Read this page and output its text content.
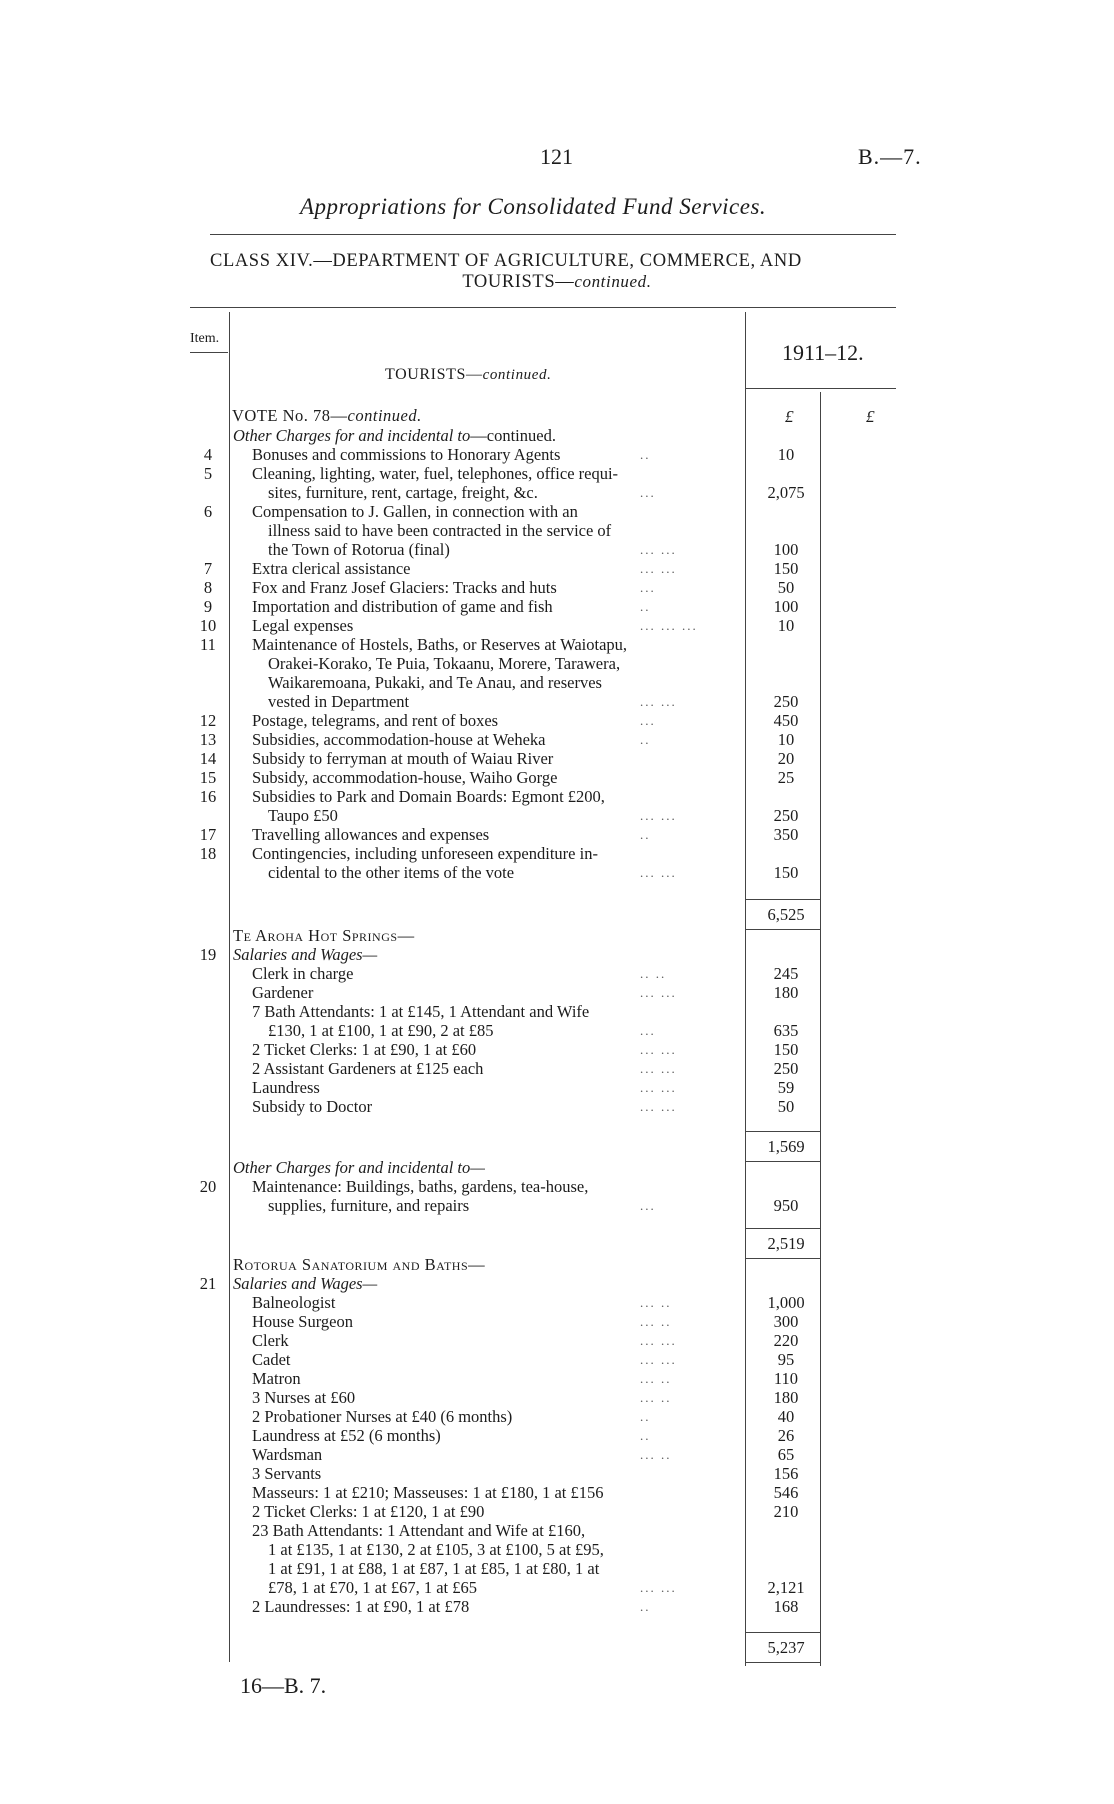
121	B.—7.
Appropriations for Consolidated Fund Services.
CLASS XIV.—DEPARTMENT OF AGRICULTURE, COMMERCE, AND
TOURISTS—continued.
Item.
1911–12.
TOURISTS—continued.
£	£
VOTE No. 78—continued.
Other Charges for and incidental to—continued.
4	Bonuses and commissions to Honorary Agents	..	10
5	Cleaning, lighting, water, fuel, telephones, office requi-
sites, furniture, rent, cartage, freight, &c.	...	2,075
6	Compensation to J. Gallen, in connection with an
illness said to have been contracted in the service of
the Town of Rotorua (final)	... ...	100
7	Extra clerical assistance	... ...	150
8	Fox and Franz Josef Glaciers: Tracks and huts	...	50
9	Importation and distribution of game and fish	..	100
10 Legal expenses	... ... ...	10
11 Maintenance of Hostels, Baths, or Reserves at Waiotapu,
Orakei-Korako, Te Puia, Tokaanu, Morere, Tarawera,
Waikaremoana, Pukaki, and Te Anau, and reserves
vested in Department	... ...	250
12 Postage, telegrams, and rent of boxes	...	450
13 Subsidies, accommodation-house at Weheka	..	10
14 Subsidy to ferryman at mouth of Waiau River	20
15 Subsidy, accommodation-house, Waiho Gorge	25
16 Subsidies to Park and Domain Boards: Egmont £200,
Taupo £50	... ...	250
17 Travelling allowances and expenses	..	350
18 Contingencies, including unforeseen expenditure in-
cidental to the other items of the vote	... ...	150
6,525
Te Aroha Hot Springs—
19 Salaries and Wages—
Clerk in charge	.. ..	245
Gardener	... ...	180
7 Bath Attendants: 1 at £145, 1 Attendant and Wife
£130, 1 at £100, 1 at £90, 2 at £85	...	635
2 Ticket Clerks: 1 at £90, 1 at £60	... ...	150
2 Assistant Gardeners at £125 each	... ...	250
Laundress	... ...	59
Subsidy to Doctor	... ...	50
1,569
Other Charges for and incidental to—
20 Maintenance: Buildings, baths, gardens, tea-house,
supplies, furniture, and repairs	...	950
2,519
Rotorua Sanatorium and Baths—
21 Salaries and Wages—
Balneologist	... ..	1,000
House Surgeon	... ..	300
Clerk	... ...	220
Cadet	... ...	95
Matron	... ..	110
3 Nurses at £60	... ..	180
2 Probationer Nurses at £40 (6 months)	..	40
Laundress at £52 (6 months)	..	26
Wardsman	... ..	65
3 Servants	156
Masseurs: 1 at £210; Masseuses: 1 at £180, 1 at £156	546
2 Ticket Clerks: 1 at £120, 1 at £90	210
23 Bath Attendants: 1 Attendant and Wife at £160,
1 at £135, 1 at £130, 2 at £105, 3 at £100, 5 at £95,
1 at £91, 1 at £88, 1 at £87, 1 at £85, 1 at £80, 1 at
£78, 1 at £70, 1 at £67, 1 at £65	... ...	2,121
2 Laundresses: 1 at £90, 1 at £78	..	168
5,237
16—B. 7.
